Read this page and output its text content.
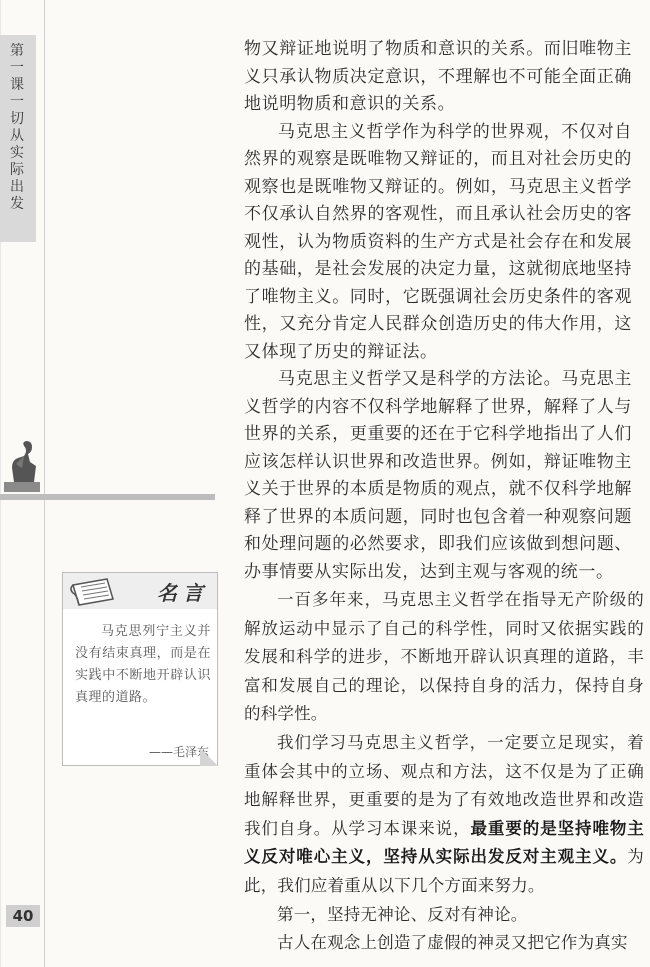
第一课 一切从实际出发

物又辩证地说明了物质和意识的关系。而旧唯物主义只承认物质决定意识，不理解也不可能全面正确地说明物质和意识的关系。

马克思主义哲学作为科学的世界观，不仅对自然界的观察是既唯物又辩证的，而且对社会历史的观察也是既唯物又辩证的。例如，马克思主义哲学不仅承认自然界的客观性，而且承认社会历史的客观性，认为物质资料的生产方式是社会存在和发展的基础，是社会发展的决定力量，这就彻底地坚持了唯物主义。同时，它既强调社会历史条件的客观性，又充分肯定人民群众创造历史的伟大作用，这又体现了历史的辩证法。

马克思主义哲学又是科学的方法论。马克思主义哲学的内容不仅科学地解释了世界，解释了人与世界的关系，更重要的还在于它科学地指出了人们应该怎样认识世界和改造世界。例如，辩证唯物主义关于世界的本质是物质的观点，就不仅科学地解释了世界的本质问题，同时也包含着一种观察问题和处理问题的必然要求，即我们应该做到想问题、办事情要从实际出发，达到主观与客观的统一。

名言
马克思列宁主义并没有结束真理，而是在实践中不断地开辟认识真理的道路。
——毛泽东

一百多年来，马克思主义哲学在指导无产阶级的解放运动中显示了自己的科学性，同时又依据实践的发展和科学的进步，不断地开辟认识真理的道路，丰富和发展自己的理论，以保持自身的活力，保持自身的科学性。

我们学习马克思主义哲学，一定要立足现实，着重体会其中的立场、观点和方法，这不仅是为了正确地解释世界，更重要的是为了有效地改造世界和改造我们自身。从学习本课来说，最重要的是坚持唯物主义反对唯心主义，坚持从实际出发反对主观主义。为此，我们应着重从以下几个方面来努力。

第一，坚持无神论、反对有神论。

古人在观念上创造了虚假的神灵又把它作为真实

40
